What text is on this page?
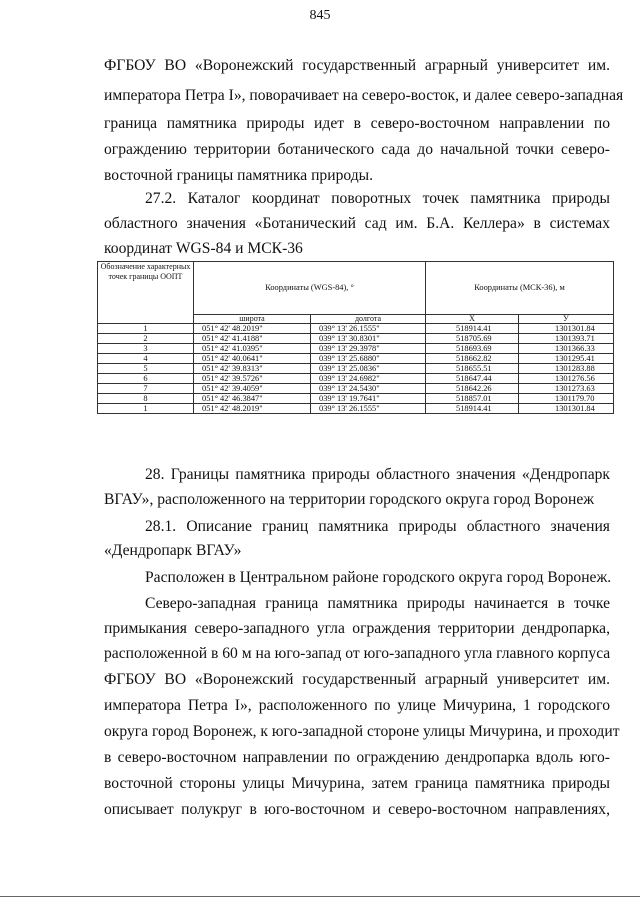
845
ФГБОУ ВО «Воронежский государственный аграрный университет им.
императора Петра I», поворачивает на северо-восток, и далее северо-западная
граница памятника природы идет в северо-восточном направлении по
ограждению территории ботанического сада до начальной точки северо-
восточной границы памятника природы.
27.2. Каталог координат поворотных точек памятника природы
областного значения «Ботанический сад им. Б.А. Келлера» в системах
координат WGS-84 и МСК-36
Обозначение характерных точек границы ООПТ	Координаты (WGS-84), °		Координаты (МСК-36), м	
	широта	долгота	X	У
1	051° 42' 48.2019"	039° 13' 26.1555"	518914.41	1301301.84
2	051° 42' 41.4188"	039° 13' 30.8301"	518705.69	1301393.71
3	051° 42' 41.0395"	039° 13' 29.3978"	518693.69	1301366.33
4	051° 42' 40.0641"	039° 13' 25.6880"	518662.82	1301295.41
5	051° 42' 39.8313"	039° 13' 25.0836"	518655.51	1301283.88
6	051° 42' 39.5726"	039° 13' 24.6982"	518647.44	1301276.56
7	051° 42' 39.4059"	039° 13' 24.5430"	518642.26	1301273.63
8	051° 42' 46.3847"	039° 13' 19.7641"	518857.01	1301179.70
1	051° 42' 48.2019"	039° 13' 26.1555"	518914.41	1301301.84
28. Границы памятника природы областного значения «Дендропарк
ВГАУ», расположенного на территории городского округа город Воронеж
28.1. Описание границ памятника природы областного значения
«Дендропарк ВГАУ»
Расположен в Центральном районе городского округа город Воронеж.
Северо-западная граница памятника природы начинается в точке
примыкания северо-западного угла ограждения территории дендропарка,
расположенной в 60 м на юго-запад от юго-западного угла главного корпуса
ФГБОУ ВО «Воронежский государственный аграрный университет им.
императора Петра I», расположенного по улице Мичурина, 1 городского
округа город Воронеж, к юго-западной стороне улицы Мичурина, и проходит
в северо-восточном направлении по ограждению дендропарка вдоль юго-
восточной стороны улицы Мичурина, затем граница памятника природы
описывает полукруг в юго-восточном и северо-восточном направлениях,
